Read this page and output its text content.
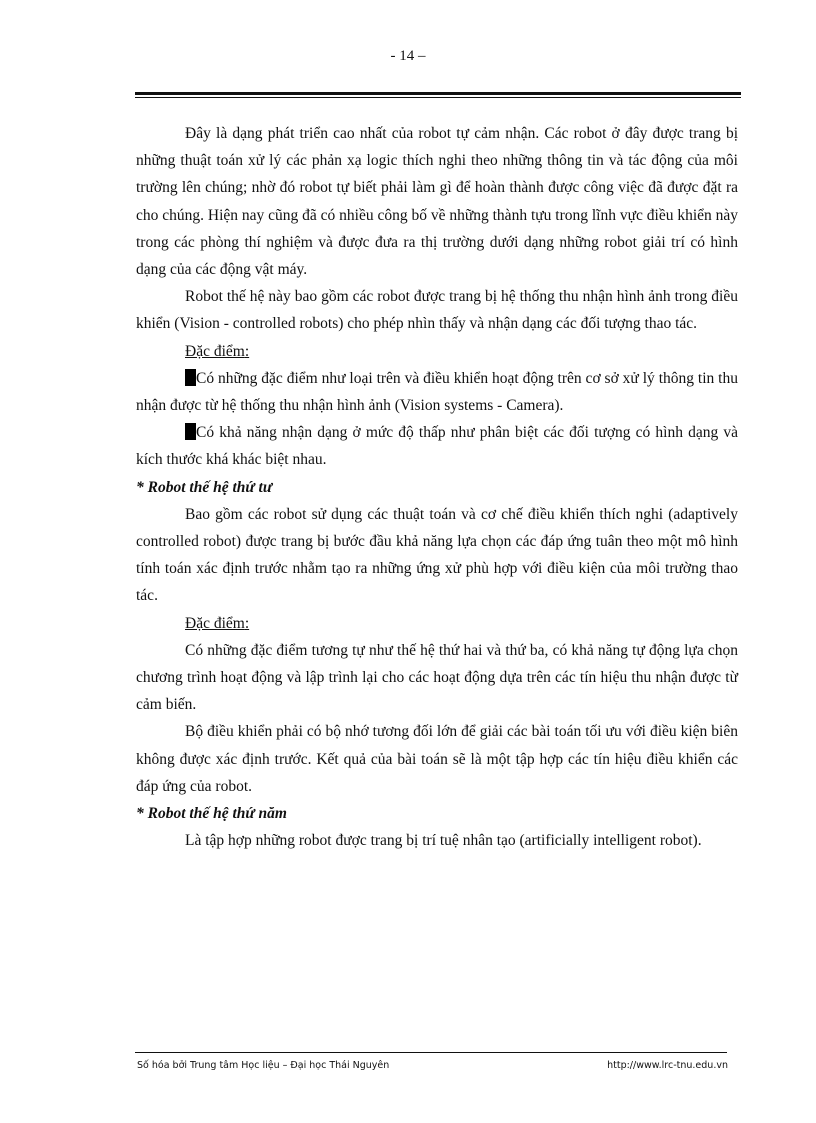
- 14 –

Đây là dạng phát triển cao nhất của robot tự cảm nhận. Các robot ở đây được trang bị những thuật toán xử lý các phản xạ logic thích nghi theo những thông tin và tác động của môi trường lên chúng; nhờ đó robot tự biết phải làm gì để hoàn thành được công việc đã được đặt ra cho chúng. Hiện nay cũng đã có nhiều công bố về những thành tựu trong lĩnh vực điều khiển này trong các phòng thí nghiệm và được đưa ra thị trường dưới dạng những robot giải trí có hình dạng của các động vật máy.

Robot thế hệ này bao gồm các robot được trang bị hệ thống thu nhận hình ảnh trong điều khiển (Vision - controlled robots) cho phép nhìn thấy và nhận dạng các đối tượng thao tác.

Đặc điểm:

Có những đặc điểm như loại trên và điều khiển hoạt động trên cơ sở xử lý thông tin thu nhận được từ hệ thống thu nhận hình ảnh (Vision systems - Camera).

Có khả năng nhận dạng ở mức độ thấp như phân biệt các đối tượng có hình dạng và kích thước khá khác biệt nhau.

* Robot thế hệ thứ tư

Bao gồm các robot sử dụng các thuật toán và cơ chế điều khiển thích nghi (adaptively controlled robot) được trang bị bước đầu khả năng lựa chọn các đáp ứng tuân theo một mô hình tính toán xác định trước nhằm tạo ra những ứng xử phù hợp với điều kiện của môi trường thao tác.

Đặc điểm:

Có những đặc điểm tương tự như thế hệ thứ hai và thứ ba, có khả năng tự động lựa chọn chương trình hoạt động và lập trình lại cho các hoạt động dựa trên các tín hiệu thu nhận được từ cảm biến.

Bộ điều khiển phải có bộ nhớ tương đối lớn để giải các bài toán tối ưu với điều kiện biên không được xác định trước. Kết quả của bài toán sẽ là một tập hợp các tín hiệu điều khiển các đáp ứng của robot.

* Robot thế hệ thứ năm

Là tập hợp những robot được trang bị trí tuệ nhân tạo (artificially intelligent robot).

Số hóa bởi Trung tâm Học liệu – Đại học Thái Nguyên	http://www.lrc-tnu.edu.vn
